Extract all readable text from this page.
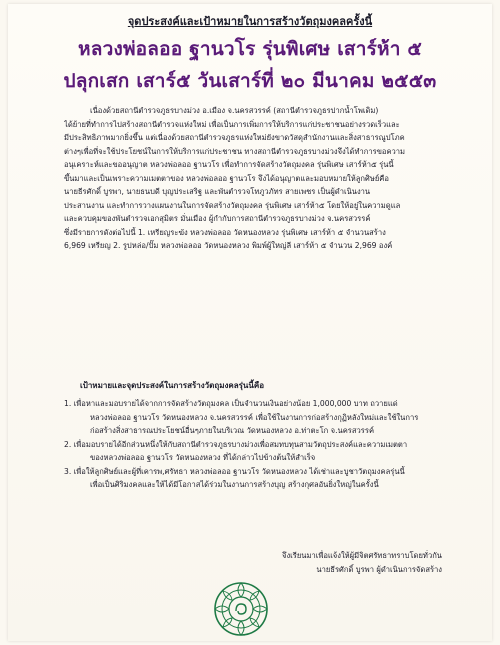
จุดประสงค์และเป้าหมายในการสร้างวัตถุมงคลครั้งนี้
หลวงพ่อลออ ฐานวโร รุ่นพิเศษ เสาร์ห้า ๕
ปลุกเสก เสาร์๕ วันเสาร์ที่ ๒๐ มีนาคม ๒๕๕๓
เนื่องด้วยสถานีตำรวจภูธรบางม่วง อ.เมือง จ.นครสวรรค์ (สถานีตำรวจภูธรปากน้ำโพเดิม)
ได้ย้ายที่ทำการไปสร้างสถานีตำรวจแห่งใหม่ เพื่อเป็นการเพิ่มการให้บริการแก่ประชาชนอย่างรวดเร็วและ
มีประสิทธิภาพมากยิ่งขึ้น แต่เนื่องด้วยสถานีตำรวจภูธรแห่งใหม่ยังขาดวัสดุสำนักงานและสิ่งสาธารณูปโภค
ต่างๆเพื่อที่จะใช้ประโยชน์ในการให้บริการแก่ประชาชน ทางสถานีตำรวจภูธรบางม่วงจึงได้ทำการขอความ
อนุเคราะห์และขออนุญาต หลวงพ่อลออ ฐานวโร เพื่อทำการจัดสร้างวัตถุมงคล รุ่นพิเศษ เสาร์ห้า๕ รุ่นนี้
ขึ้นมาและเป็นเพราะความเมตตาของ หลวงพ่อลออ ฐานวโร จึงได้อนุญาตและมอบหมายให้ลูกศิษย์คือ
นายธีรศักดิ์ บูรพา, นายธนบดี บุญประเสริฐ และพันตำรวจโทภูวภัทร สายเพชร เป็นผู้ดำเนินงาน
ประสานงาน และทำการวางแผนงานในการจัดสร้างวัตถุมงคล รุ่นพิเศษ เสาร์ห้า๕ โดยให้อยู่ในความดูแล
และควบคุมของพันตำรวจเอกสุมิตร มั่นเมือง ผู้กำกับการสถานีตำรวจภูธรบางม่วง จ.นครสวรรค์
ซึ่งมีรายการดังต่อไปนี้ 1. เหรียญระฆัง หลวงพ่อลออ วัดหนองหลวง รุ่นพิเศษ เสาร์ห้า ๕ จำนวนสร้าง
6,969 เหรียญ 2. รูปหล่อ/ปั๊ม หลวงพ่อลออ วัดหนองหลวง พิมพ์ผู้ใหญ่ลี เสาร์ห้า ๕ จำนวน 2,969 องค์
เป้าหมายและจุดประสงค์ในการสร้างวัตถุมงคลรุ่นนี้คือ
1. เพื่อหาและมอบรายได้จากการจัดสร้างวัตถุมงคล เป็นจำนวนเงินอย่างน้อย 1,000,000 บาท ถวายแด่
หลวงพ่อลออ ฐานวโร วัดหนองหลวง จ.นครสวรรค์ เพื่อใช้ในงานการก่อสร้างกุฏิหลังใหม่และใช้ในการ
ก่อสร้างสิ่งสาธารณประโยชน์อื่นๆภายในบริเวณ วัดหนองหลวง อ.ท่าตะโก จ.นครสวรรค์
2. เพื่อมอบรายได้อีกส่วนหนึ่งให้กับสถานีตำรวจภูธรบางม่วงเพื่อสมทบทุนสามวัตถุประสงค์และความเมตตา
ของหลวงพ่อลออ ฐานวโร วัดหนองหลวง ที่ได้กล่าวไปข้างต้นให้สำเร็จ
3. เพื่อให้ลูกศิษย์และผู้ที่เคารพ,ศรัทธา หลวงพ่อลออ ฐานวโร วัดหนองหลวง ได้เช่าและบูชาวัตถุมงคลรุ่นนี้
เพื่อเป็นศิริมงคลและให้ได้มีโอกาสได้ร่วมในงานการสร้างบุญ สร้างกุศลอันยิ่งใหญ่ในครั้งนี้
จึงเรียนมาเพื่อแจ้งให้ผู้มีจิตศรัทธาทราบโดยทั่วกัน
นายธีรศักดิ์ บูรพา ผู้ดำเนินการจัดสร้าง
